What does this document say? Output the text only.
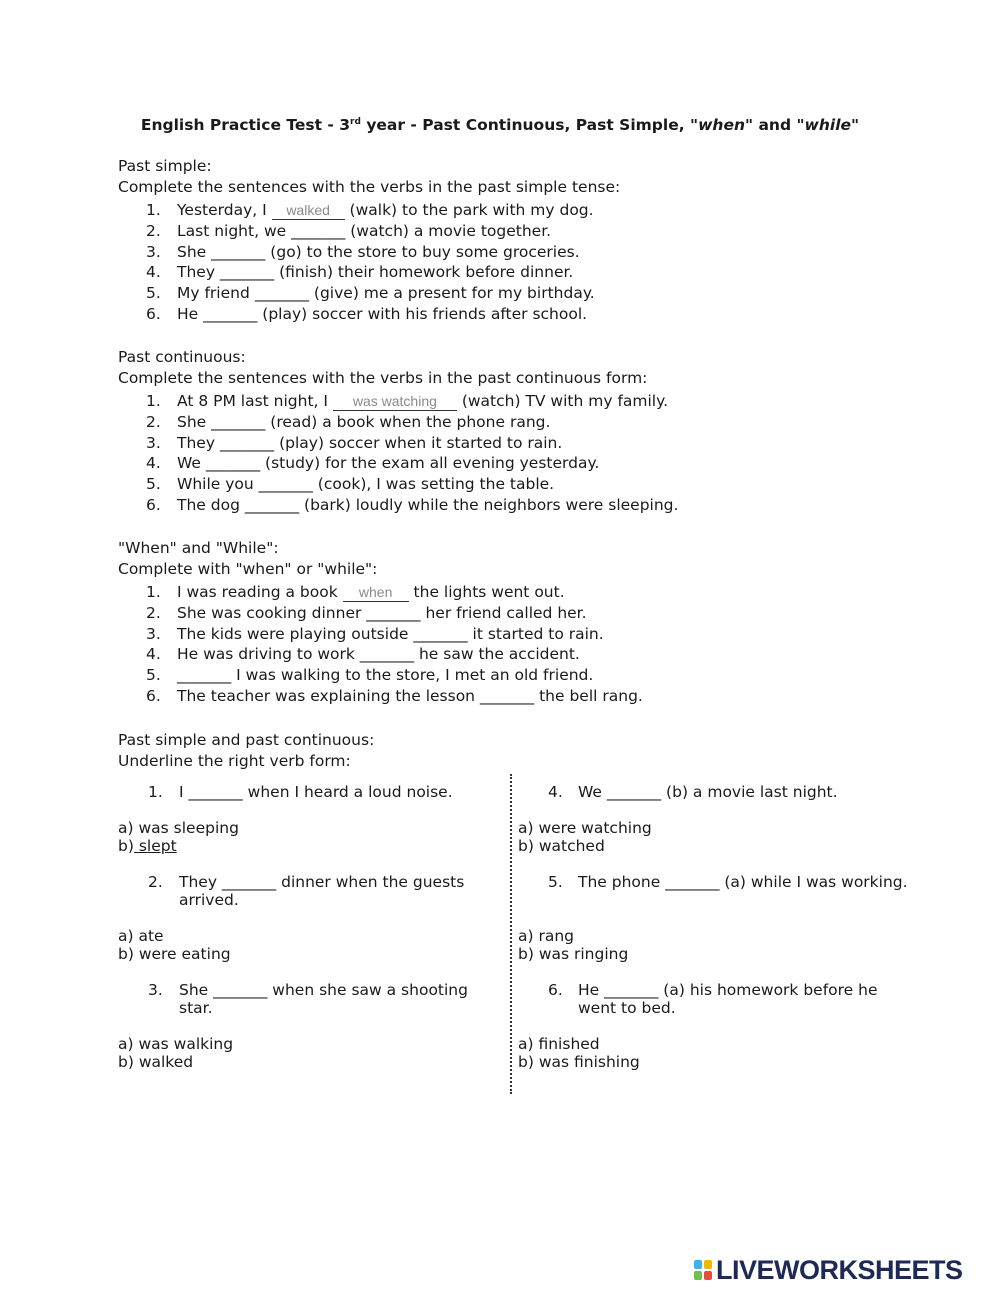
English Practice Test - 3rd year - Past Continuous, Past Simple, "when" and "while"
Past simple:
Complete the sentences with the verbs in the past simple tense:
1. Yesterday, I walked (walk) to the park with my dog.
2. Last night, we _______ (watch) a movie together.
3. She _______ (go) to the store to buy some groceries.
4. They _______ (finish) their homework before dinner.
5. My friend _______ (give) me a present for my birthday.
6. He _______ (play) soccer with his friends after school.
Past continuous:
Complete the sentences with the verbs in the past continuous form:
1. At 8 PM last night, I was watching (watch) TV with my family.
2. She _______ (read) a book when the phone rang.
3. They _______ (play) soccer when it started to rain.
4. We _______ (study) for the exam all evening yesterday.
5. While you _______ (cook), I was setting the table.
6. The dog _______ (bark) loudly while the neighbors were sleeping.
"When" and "While":
Complete with "when" or "while":
1. I was reading a book when the lights went out.
2. She was cooking dinner _______ her friend called her.
3. The kids were playing outside _______ it started to rain.
4. He was driving to work _______ he saw the accident.
5. _______ I was walking to the store, I met an old friend.
6. The teacher was explaining the lesson _______ the bell rang.
Past simple and past continuous:
Underline the right verb form:
1. I _______ when I heard a loud noise.
a) was sleeping
b) slept
2. They _______ dinner when the guests arrived.
a) ate
b) were eating
3. She _______ when she saw a shooting star.
a) was walking
b) walked
4. We _______ (b) a movie last night.
a) were watching
b) watched
5. The phone _______ (a) while I was working.
a) rang
b) was ringing
6. He _______ (a) his homework before he went to bed.
a) finished
b) was finishing
LIVEWORKSHEETS
